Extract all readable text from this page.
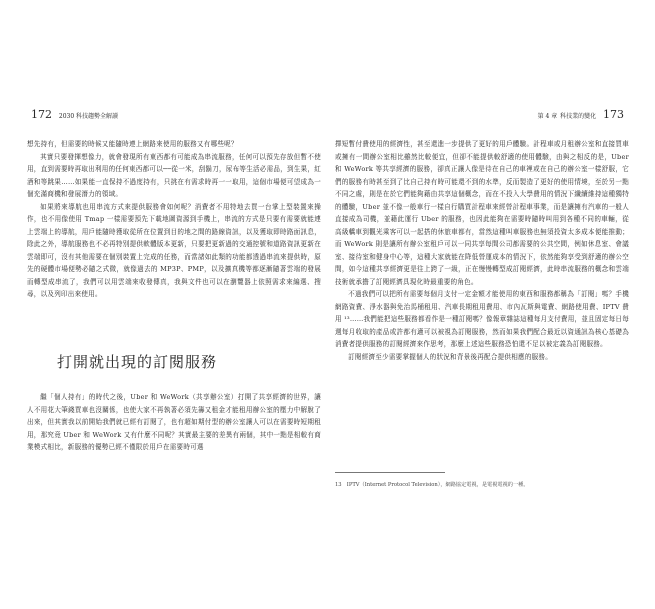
172 2030 科技趨勢全解讀	第 4 章 科技業的變化 173

想先持有，但需要的時候又能隨時連上網路來使用的服務又有哪些呢？

其實只要發揮想像力，就會發現所有東西都有可能成為串流服務，任何可以預先存放但暫不使用，直到需要時再取出利用的任何東西都可以──從一米，刮鬍刀，尿布等生活必需品，到生果，紅酒和等跳果……如果能一直保持不過度持有，只挑在有需求時再一一取用，這個市場便可望成為一個充滿商機和發展潛力的領域。

如果將來導航也用串流方式來提供服務會如何呢？消費者不用特地去買一台掌上型裝置來操作，也不用像使用 Tmap 一樣需要預先下載地圖資源到手機上，串流的方式是只要有需要就能連上雲端上的導航，用戶能隨時獲取從所在位置到目的地之間的路線資訊，以及獲取即時路面訊息，除此之外，導航服務也不必再特別提供軟體版本更新，只要把更新過的交通控號和道路資訊更新在雲端即可，沒有其他需要在個別裝置上完成的任務，而當諸如此類的功能都透過串流來提供時，原先的硬體市場便勢必隨之式微，就像過去的 MP3P、PMP，以及擴真機等都逐漸隨著雲端的發展而轉型成串流了，我們可以用雲端來收發傳真，我與文件也可以在瀏覽器上依照需求來編選、搜尋，以及列印出來使用。

打開就出現的訂閱服務

繼「個人持有」的時代之後，Uber 和 WeWork（共享辦公室）打開了共享經濟的世界，讓人不用花大筆錢買車也沒關係，也使大家不再執著必須先籌又租金才能租用辦公室的壓力中解脫了出來，但其實我以前開始我們就已經有訂閱了，也有超如期付型的辦公室讓人可以在需要時短期租用，那究竟 Uber 和 WeWork 又有什麼不同呢？其實最主要的差異有兩個，其中一點是相較有商業模式相比，新服務的優勢已經不僅限於用戶在需要時可選

擇短暫付費使用的經濟性，甚至還進一步提供了更好的用戶體驗。計程車或月租辦公室和直接買車或擁有一間辦公室相比雖然比較便宜，但卻不能提供較舒適的使用體驗，由與之相反的是，Uber 和 WeWork 等共享經濟的服務，卻真正讓人像是待在自己的車裡或在自己的辦公室一樣舒服，它們的服務有時甚至到了比自己持有時可能還不到的水準，反而製造了更好的使用情境，至於另一點不同之處，則是在於它們能夠藉由共享這個概念，而在不投入大學費用的情況下纖續維持這種獨特的體驗，Uber 並不像一般車行一樣自行購買計程車來經營計程車事業，而是讓擁有汽車的一般人直接成為司機，並藉此運行 Uber 的服務，也因此能夠在需要時隨時叫用到各種不同的車輛，從高級轎車到觀光乘客可以一起搭的休旅車都有，當然這種叫車服務也無須投資太多成本便能推動；而 WeWork 則是讓所有辦公室租戶可以一同共享每間公司都需要的公共空間，例如休息室、會議室、接待室和健身中心等，這種大家就能在降低營運成本的情況下，依然能夠享受到舒適的辦公空間，如今這種共享經濟更是往上跨了一級，正在慢慢轉型成訂閱經濟，此時串流服務的概念和雲端技術就承擔了訂閱經濟具現化時最重要的角色。

不過我們可以把所有需要每個月支付一定金額才能使用的東西和服務都稱為「訂閱」嗎？手機網路資費、淨水器與免治馬桶租用、汽車長期租用費用、市內瓦斯與電費、網路使用費、IPTV 費用 ¹³……我們能把這些服務都看作是一種訂閱嗎？像報章雜誌這種每月支付費用，並且固定每日每週每月收取的產品或許都有適可以被視為訂閱服務，然而如果我們配合最近以資通訊為核心基礎為消費者提供服務的訂閱經濟來作思考，那麼上述這些服務恐怕還不足以被定義為訂閱服務。

訂閱經濟至少需要掌握個人的狀況和背景後再配合提供相應的服務。

13　IPTV（Internet Protocol Television），網路協定電視，是電視電視的一種。
